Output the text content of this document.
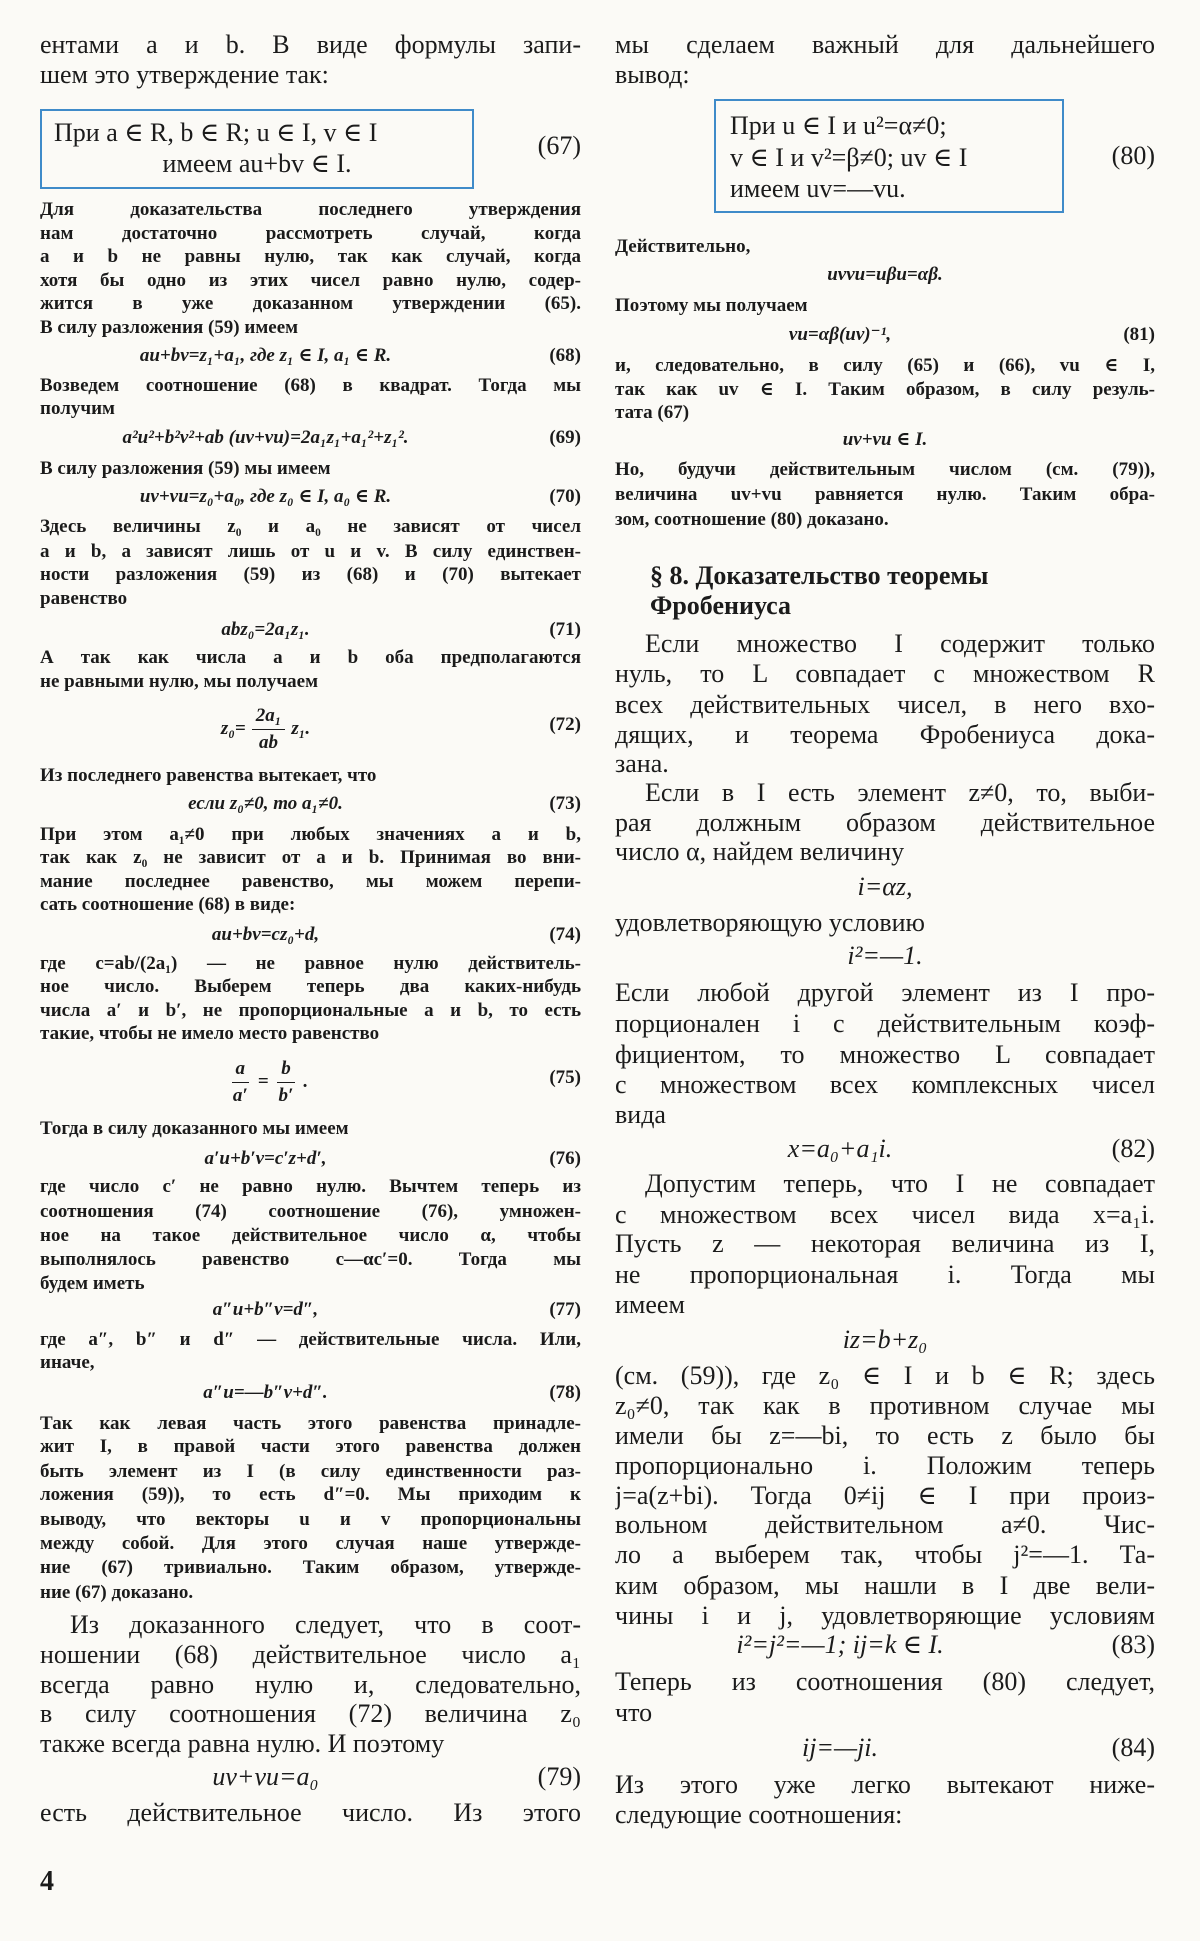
При a ∈ R, b ∈ R; u ∈ I, v ∈ I
имеем au+bv ∈ I.
(67)
$z_0= \frac{\text{2a₁}}{ab} z_1$.	(72)
$\frac{a}{a'} = \frac{b}{b'}$ .	(75)
ентами a и b. В виде формулы запи-
шем это утверждение так:
Для доказательства последнего утверждения
нам достаточно рассмотреть случай, когда
a и b не равны нулю, так как случай, когда
хотя бы одно из этих чисел равно нулю, содер-
жится в уже доказанном утверждении (65).
В силу разложения (59) имеем
au+bv=z₁+a₁, где z₁ ∈ I, a₁ ∈ R.	(68)
Возведем соотношение (68) в квадрат. Тогда мы
получим
a²u²+b²v²+ab (uv+vu)=2a₁z₁+a₁²+z₁².	(69)
В силу разложения (59) мы имеем
uv+vu=z₀+a₀, где z₀ ∈ I, a₀ ∈ R.	(70)
Здесь величины z₀ и a₀ не зависят от чисел
a и b, а зависят лишь от u и v. В силу единствен-
ности разложения (59) из (68) и (70) вытекает
равенство
abz₀=2a₁z₁.	(71)
А так как числа a и b оба предполагаются
не равными нулю, мы получаем
Из последнего равенства вытекает, что
если z₀≠0, то a₁≠0.	(73)
При этом a₁≠0 при любых значениях a и b,
так как z₀ не зависит от a и b. Принимая во вни-
мание последнее равенство, мы можем перепи-
сать соотношение (68) в виде:
au+bv=cz₀+d,	(74)
где c=ab/(2a₁) — не равное нулю действитель-
ное число. Выберем теперь два каких-нибудь
числа a′ и b′, не пропорциональные a и b, то есть
такие, чтобы не имело место равенство
Тогда в силу доказанного мы имеем
a′u+b′v=c′z+d′,	(76)
где число c′ не равно нулю. Вычтем теперь из
соотношения (74) соотношение (76), умножен-
ное на такое действительное число α, чтобы
выполнялось равенство c—αc′=0. Тогда мы
будем иметь
a″u+b″v=d″,	(77)
где a″, b″ и d″ — действительные числа. Или,
иначе,
a″u=—b″v+d″.	(78)
Так как левая часть этого равенства принадле-
жит I, в правой части этого равенства должен
быть элемент из I (в силу единственности раз-
ложения (59)), то есть d″=0. Мы приходим к
выводу, что векторы u и v пропорциональны
между собой. Для этого случая наше утвержде-
ние (67) тривиально. Таким образом, утвержде-
ние (67) доказано.
Из доказанного следует, что в соот-
ношении (68) действительное число a₁
всегда равно нулю и, следовательно,
в силу соотношения (72) величина z₀
также всегда равна нулю. И поэтому
uv+vu=a₀	(79)
есть действительное число. Из этого
При u ∈ I и u²=α≠0;
v ∈ I и v²=β≠0; uv ∈ I
имеем uv=—vu.
(80)
§ 8. Доказательство теоремы
Фробениуса
мы сделаем важный для дальнейшего
вывод:
Действительно,
uvvu=uβu=αβ.
Поэтому мы получаем
vu=αβ(uv)⁻¹,	(81)
и, следовательно, в силу (65) и (66), vu ∈ I,
так как uv ∈ I. Таким образом, в силу резуль-
тата (67)
uv+vu ∈ I.
Но, будучи действительным числом (см. (79)),
величина uv+vu равняется нулю. Таким обра-
зом, соотношение (80) доказано.
Если множество I содержит только
нуль, то L совпадает с множеством R
всех действительных чисел, в него вхо-
дящих, и теорема Фробениуса дока-
зана.
Если в I есть элемент z≠0, то, выби-
рая должным образом действительное
число α, найдем величину
i=αz,
удовлетворяющую условию
i²=—1.
Если любой другой элемент из I про-
порционален i с действительным коэф-
фициентом, то множество L совпадает
с множеством всех комплексных чисел
вида
x=a₀+a₁i.	(82)
Допустим теперь, что I не совпадает
с множеством всех чисел вида x=a₁i.
Пусть z — некоторая величина из I,
не пропорциональная i. Тогда мы
имеем
iz=b+z₀
(см. (59)), где z₀ ∈ I и b ∈ R; здесь
z₀≠0, так как в противном случае мы
имели бы z=—bi, то есть z было бы
пропорционально i. Положим теперь
j=a(z+bi). Тогда 0≠ij ∈ I при произ-
вольном действительном a≠0. Чис-
ло a выберем так, чтобы j²=—1. Та-
ким образом, мы нашли в I две вели-
чины i и j, удовлетворяющие условиям
i²=j²=—1; ij=k ∈ I.	(83)
Теперь из соотношения (80) следует,
что
ij=—ji.	(84)
Из этого уже легко вытекают ниже-
следующие соотношения:
4
